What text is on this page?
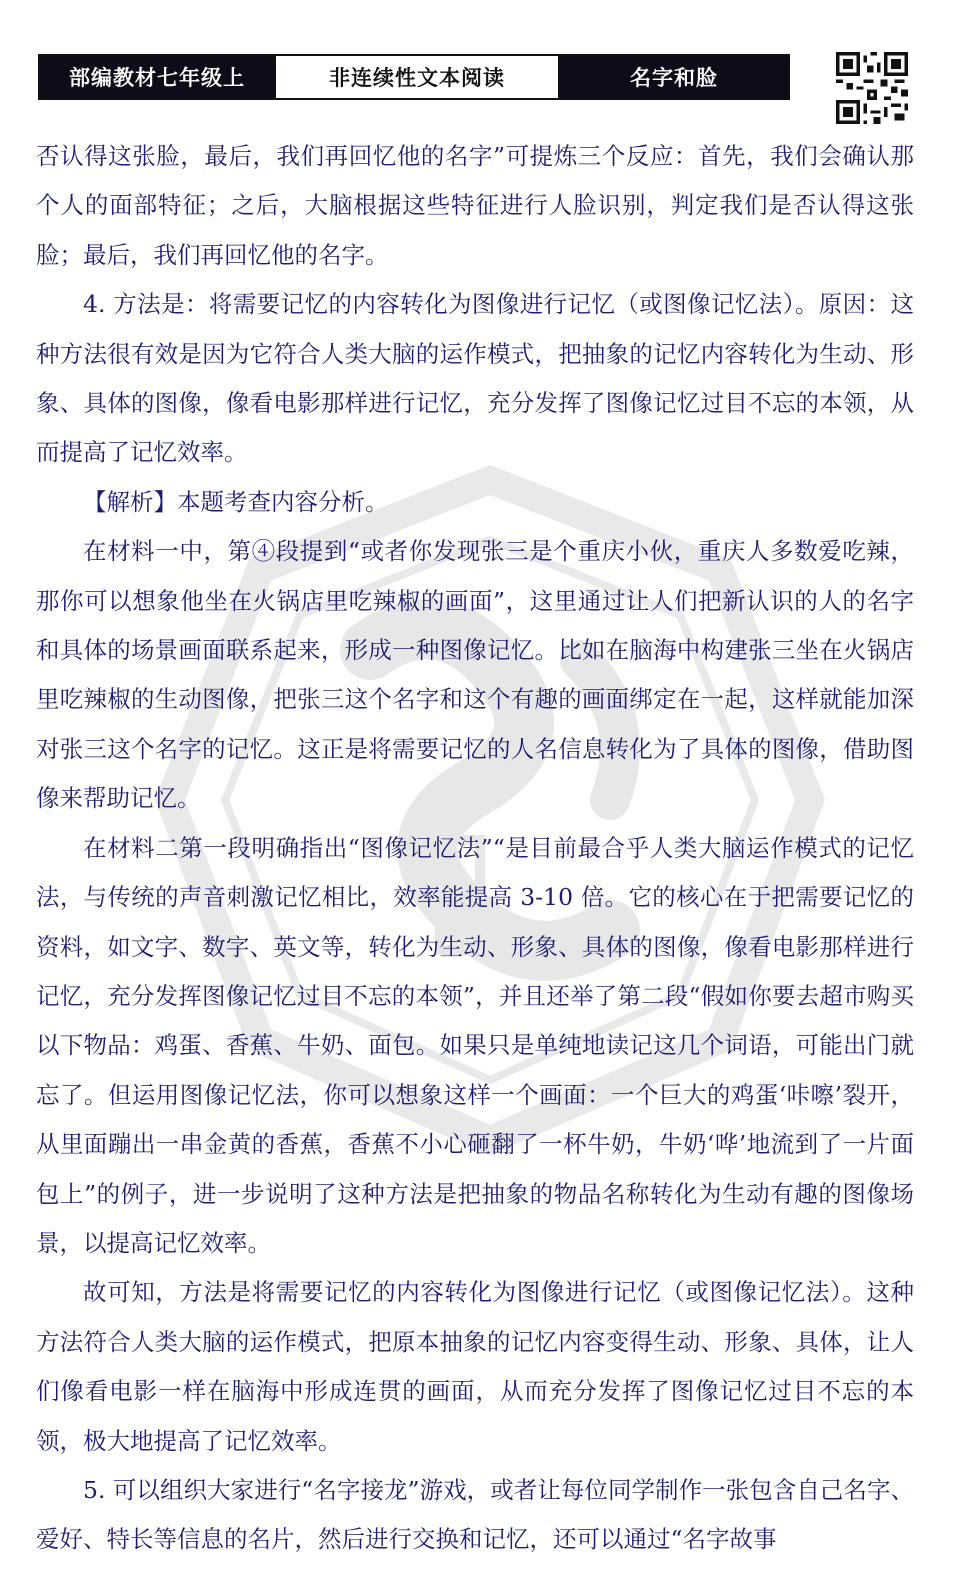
部编教材七年级上	非连续性文本阅读	名字和脸

否认得这张脸，最后，我们再回忆他的名字”可提炼三个反应：首先，我们会确认那个人的面部特征；之后，大脑根据这些特征进行人脸识别，判定我们是否认得这张脸；最后，我们再回忆他的名字。

4. 方法是：将需要记忆的内容转化为图像进行记忆（或图像记忆法）。原因：这种方法很有效是因为它符合人类大脑的运作模式，把抽象的记忆内容转化为生动、形象、具体的图像，像看电影那样进行记忆，充分发挥了图像记忆过目不忘的本领，从而提高了记忆效率。

【解析】本题考查内容分析。

在材料一中，第④段提到“或者你发现张三是个重庆小伙，重庆人多数爱吃辣，那你可以想象他坐在火锅店里吃辣椒的画面”，这里通过让人们把新认识的人的名字和具体的场景画面联系起来，形成一种图像记忆。比如在脑海中构建张三坐在火锅店里吃辣椒的生动图像，把张三这个名字和这个有趣的画面绑定在一起，这样就能加深对张三这个名字的记忆。这正是将需要记忆的人名信息转化为了具体的图像，借助图像来帮助记忆。

在材料二第一段明确指出“图像记忆法”“是目前最合乎人类大脑运作模式的记忆法，与传统的声音刺激记忆相比，效率能提高 3-10 倍。它的核心在于把需要记忆的资料，如文字、数字、英文等，转化为生动、形象、具体的图像，像看电影那样进行记忆，充分发挥图像记忆过目不忘的本领”，并且还举了第二段“假如你要去超市购买以下物品：鸡蛋、香蕉、牛奶、面包。如果只是单纯地读记这几个词语，可能出门就忘了。但运用图像记忆法，你可以想象这样一个画面：一个巨大的鸡蛋‘咔嚓’裂开，从里面蹦出一串金黄的香蕉，香蕉不小心砸翻了一杯牛奶，牛奶‘哗’地流到了一片面包上”的例子，进一步说明了这种方法是把抽象的物品名称转化为生动有趣的图像场景，以提高记忆效率。

故可知，方法是将需要记忆的内容转化为图像进行记忆（或图像记忆法）。这种方法符合人类大脑的运作模式，把原本抽象的记忆内容变得生动、形象、具体，让人们像看电影一样在脑海中形成连贯的画面，从而充分发挥了图像记忆过目不忘的本领，极大地提高了记忆效率。

5. 可以组织大家进行“名字接龙”游戏，或者让每位同学制作一张包含自己名字、爱好、特长等信息的名片，然后进行交换和记忆，还可以通过“名字故事
